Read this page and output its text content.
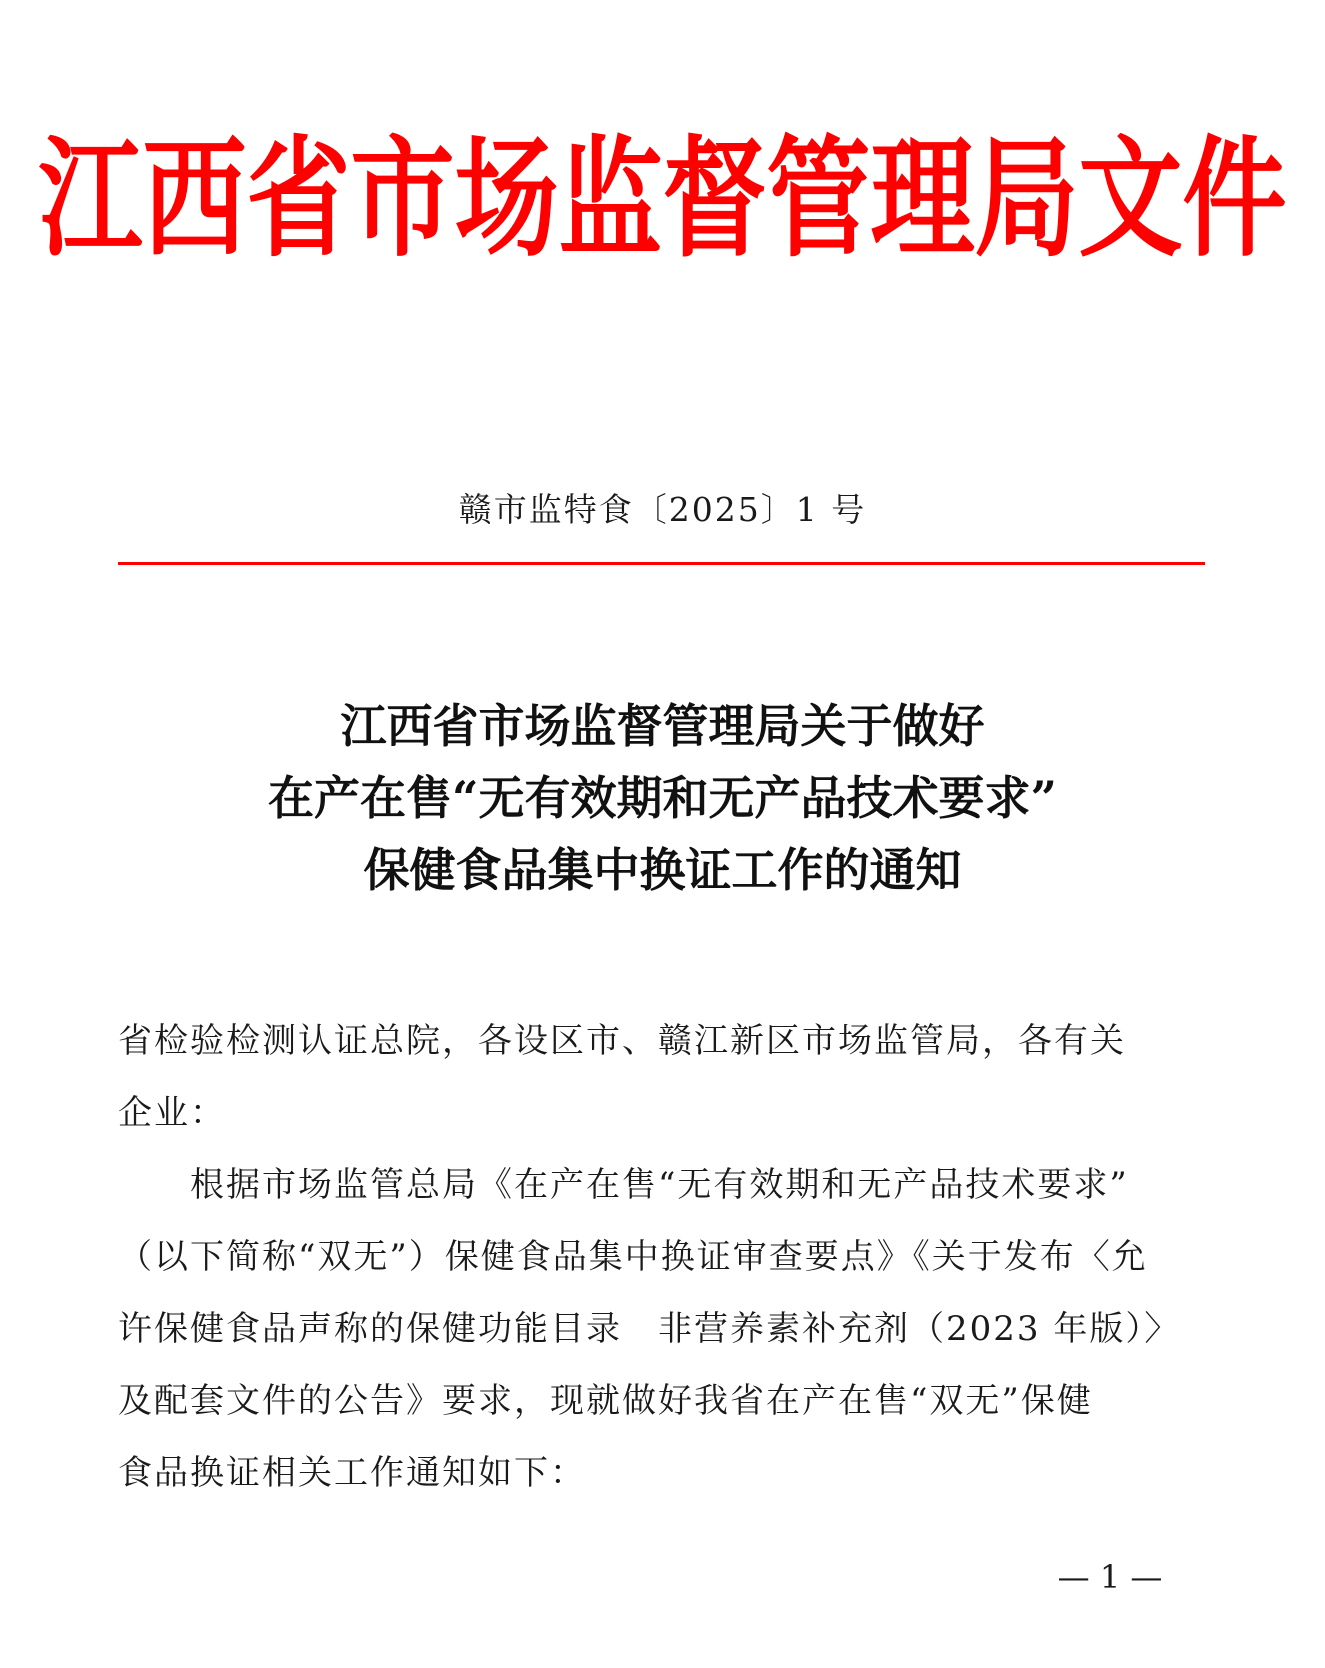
江西省市场监督管理局文件
赣市监特食〔2025〕1 号
江西省市场监督管理局关于做好
在产在售“无有效期和无产品技术要求”
保健食品集中换证工作的通知
省检验检测认证总院，各设区市、赣江新区市场监管局，各有关
企业：
　　根据市场监管总局《在产在售“无有效期和无产品技术要求”
（以下简称“双无”）保健食品集中换证审查要点》《关于发布〈允
许保健食品声称的保健功能目录　非营养素补充剂（2023 年版）〉
及配套文件的公告》要求，现就做好我省在产在售“双无”保健
食品换证相关工作通知如下：
— 1 —
